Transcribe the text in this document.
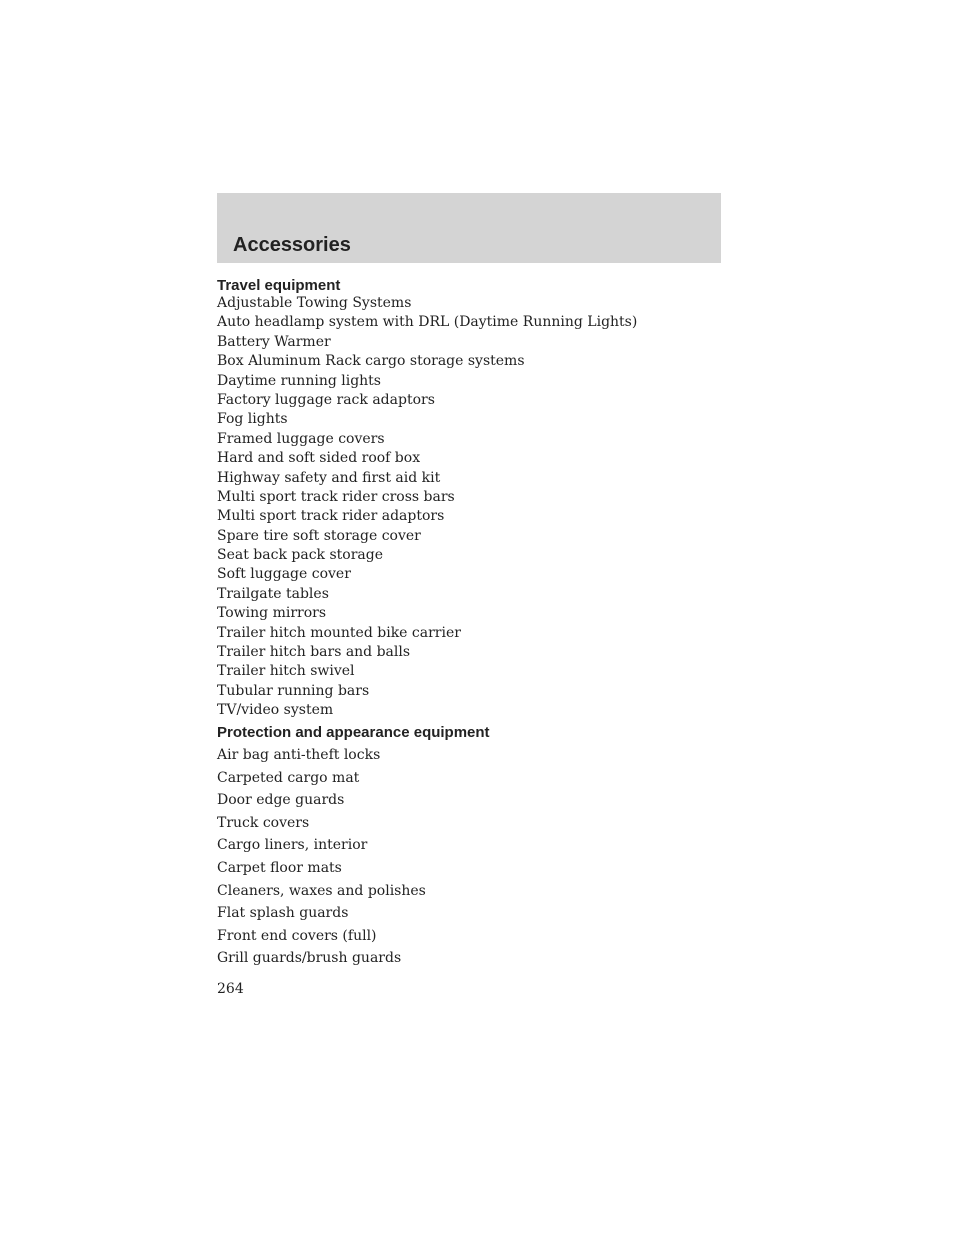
Accessories
Travel equipment
Adjustable Towing Systems
Auto headlamp system with DRL (Daytime Running Lights)
Battery Warmer
Box Aluminum Rack cargo storage systems
Daytime running lights
Factory luggage rack adaptors
Fog lights
Framed luggage covers
Hard and soft sided roof box
Highway safety and first aid kit
Multi sport track rider cross bars
Multi sport track rider adaptors
Spare tire soft storage cover
Seat back pack storage
Soft luggage cover
Trailgate tables
Towing mirrors
Trailer hitch mounted bike carrier
Trailer hitch bars and balls
Trailer hitch swivel
Tubular running bars
TV/video system
Protection and appearance equipment
Air bag anti-theft locks
Carpeted cargo mat
Door edge guards
Truck covers
Cargo liners, interior
Carpet floor mats
Cleaners, waxes and polishes
Flat splash guards
Front end covers (full)
Grill guards/brush guards
264
